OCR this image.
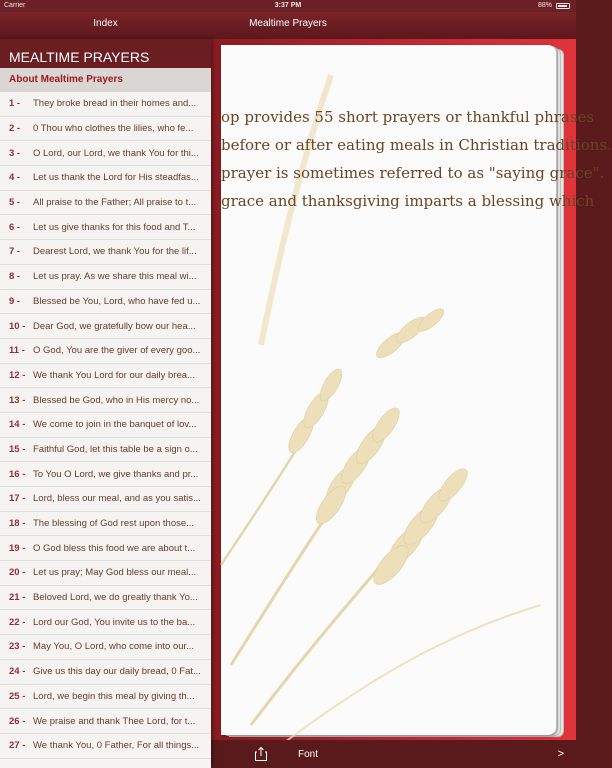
Carrier	3:37 PM	88%
Index	Mealtime Prayers
op provides 55 short prayers or thankful phrases
before or after eating meals in Christian traditions.
prayer is sometimes referred to as "saying grace".
grace and thanksgiving imparts a blessing which
Font	>
MEALTIME PRAYERS
About Mealtime Prayers
1 -	They broke bread in their homes and...
2 -	0 Thou who clothes the lilies, who fe...
3 -	O Lord, our Lord, we thank You for thi...
4 -	Let us thank the Lord for His steadfas...
5 -	All praise to the Father; All praise to t...
6 -	Let us give thanks for this food and T...
7 -	Dearest Lord, we thank You for the lif...
8 -	Let us pray. As we share this meal wi...
9 -	Blessed be You, Lord, who have fed u...
10 - Dear God, we gratefully bow our hea...
11 - O God, You are the giver of every goo...
12 - We thank You Lord for our daily brea...
13 - Blessed be God, who in His mercy no...
14 - We come to join in the banquet of lov...
15 - Faithful God, let this table be a sign o...
16 - To You O Lord, we give thanks and pr...
17 - Lord, bless our meal, and as you satis...
18 - The blessing of God rest upon those...
19 - O God bless this food we are about t...
20 - Let us pray; May God bless our meal...
21 - Beloved Lord, we do greatly thank Yo...
22 - Lord our God, You invite us to the ba...
23 - May You, O Lord, who come into our...
24 - Give us this day our daily bread, 0 Fat...
25 - Lord, we begin this meal by giving th...
26 - We praise and thank Thee Lord, for t...
27 - We thank You, 0 Father, For all things...
